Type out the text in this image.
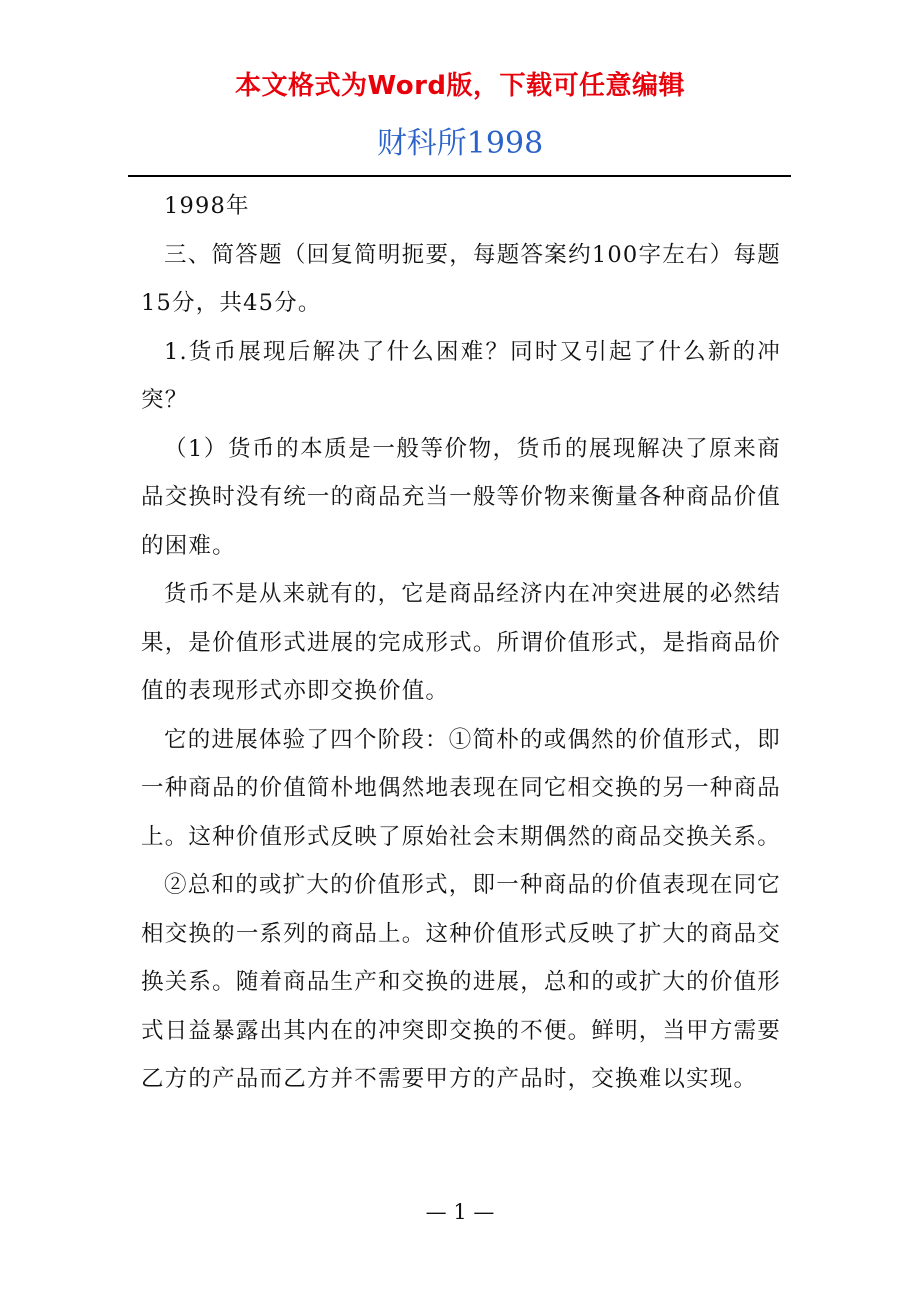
本文格式为Word版，下载可任意编辑
财科所1998

1998年

三、简答题（回复简明扼要，每题答案约100字左右）每题15分，共45分。

1.货币展现后解决了什么困难？同时又引起了什么新的冲突？

（1）货币的本质是一般等价物，货币的展现解决了原来商品交换时没有统一的商品充当一般等价物来衡量各种商品价值的困难。

货币不是从来就有的，它是商品经济内在冲突进展的必然结果，是价值形式进展的完成形式。所谓价值形式，是指商品价值的表现形式亦即交换价值。

它的进展体验了四个阶段：①简朴的或偶然的价值形式，即一种商品的价值简朴地偶然地表现在同它相交换的另一种商品上。这种价值形式反映了原始社会末期偶然的商品交换关系。

②总和的或扩大的价值形式，即一种商品的价值表现在同它相交换的一系列的商品上。这种价值形式反映了扩大的商品交换关系。随着商品生产和交换的进展，总和的或扩大的价值形式日益暴露出其内在的冲突即交换的不便。鲜明，当甲方需要乙方的产品而乙方并不需要甲方的产品时，交换难以实现。

— 1 —
